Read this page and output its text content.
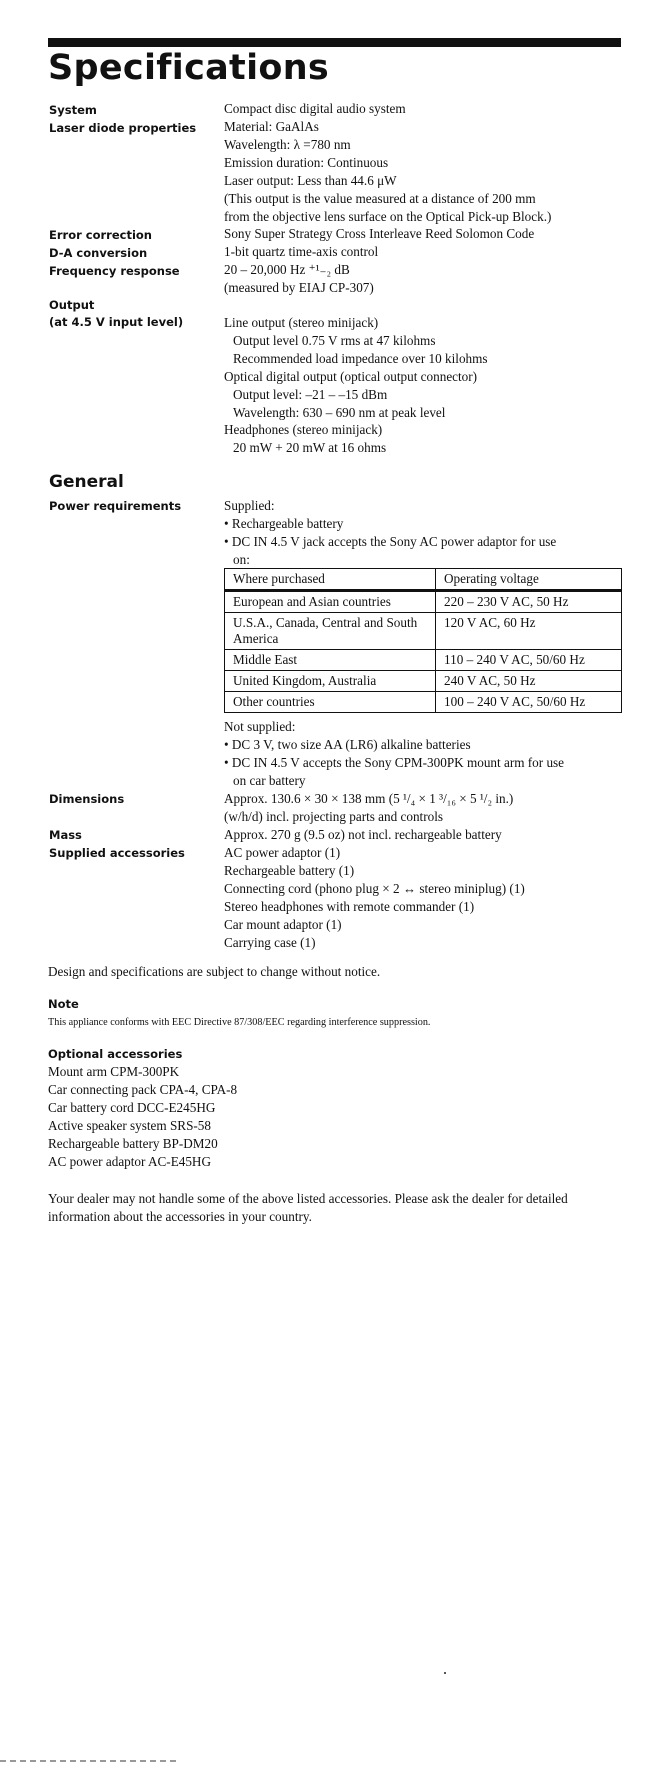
Specifications

System	Compact disc digital audio system

Laser diode properties Material: GaAlAs
Wavelength: λ =780 nm
Emission duration: Continuous
Laser output: Less than 44.6 μW
(This output is the value measured at a distance of 200 mm
from the objective lens surface on the Optical Pick-up Block.)

Error correction	Sony Super Strategy Cross Interleave Reed Solomon Code

D-A conversion	1-bit quartz time-axis control

Frequency response	20 – 20,000 Hz ⁺¹₋₂ dB
(measured by EIAJ CP-307)

Output

(at 4.5 V input level)	Line output (stereo minijack)
Output level 0.75 V rms at 47 kilohms
Recommended load impedance over 10 kilohms
Optical digital output (optical output connector)
Output level: –21 – –15 dBm
Wavelength: 630 – 690 nm at peak level
Headphones (stereo minijack)
20 mW + 20 mW at 16 ohms
General

Power requirements	Supplied:
• Rechargeable battery
• DC IN 4.5 V jack accepts the Sony AC power adaptor for use
on:
Where purchased	Operating voltage
European and Asian countries	220 – 230 V AC, 50 Hz
U.S.A., Canada, Central and South America	120 V AC, 60 Hz
Middle East	110 – 240 V AC, 50/60 Hz
United Kingdom, Australia	240 V AC, 50 Hz
Other countries	100 – 240 V AC, 50/60 Hz
Not supplied:
• DC 3 V, two size AA (LR6) alkaline batteries
• DC IN 4.5 V accepts the Sony CPM-300PK mount arm for use
on car battery

Dimensions	Approx. 130.6 × 30 × 138 mm (5 ¹/₄ × 1 ³/₁₆ × 5 ¹/₂ in.)
(w/h/d) incl. projecting parts and controls

Mass	Approx. 270 g (9.5 oz) not incl. rechargeable battery

Supplied accessories	AC power adaptor (1)
Rechargeable battery (1)
Connecting cord (phono plug × 2 ↔ stereo miniplug) (1)
Stereo headphones with remote commander (1)
Car mount adaptor (1)
Carrying case (1)

Design and specifications are subject to change without notice.

Note

This appliance conforms with EEC Directive 87/308/EEC regarding interference suppression.

Optional accessories

Mount arm CPM-300PK
Car connecting pack CPA-4, CPA-8
Car battery cord DCC-E245HG
Active speaker system SRS-58
Rechargeable battery BP-DM20
AC power adaptor AC-E45HG

Your dealer may not handle some of the above listed accessories. Please ask the dealer for detailed information about the accessories in your country.
